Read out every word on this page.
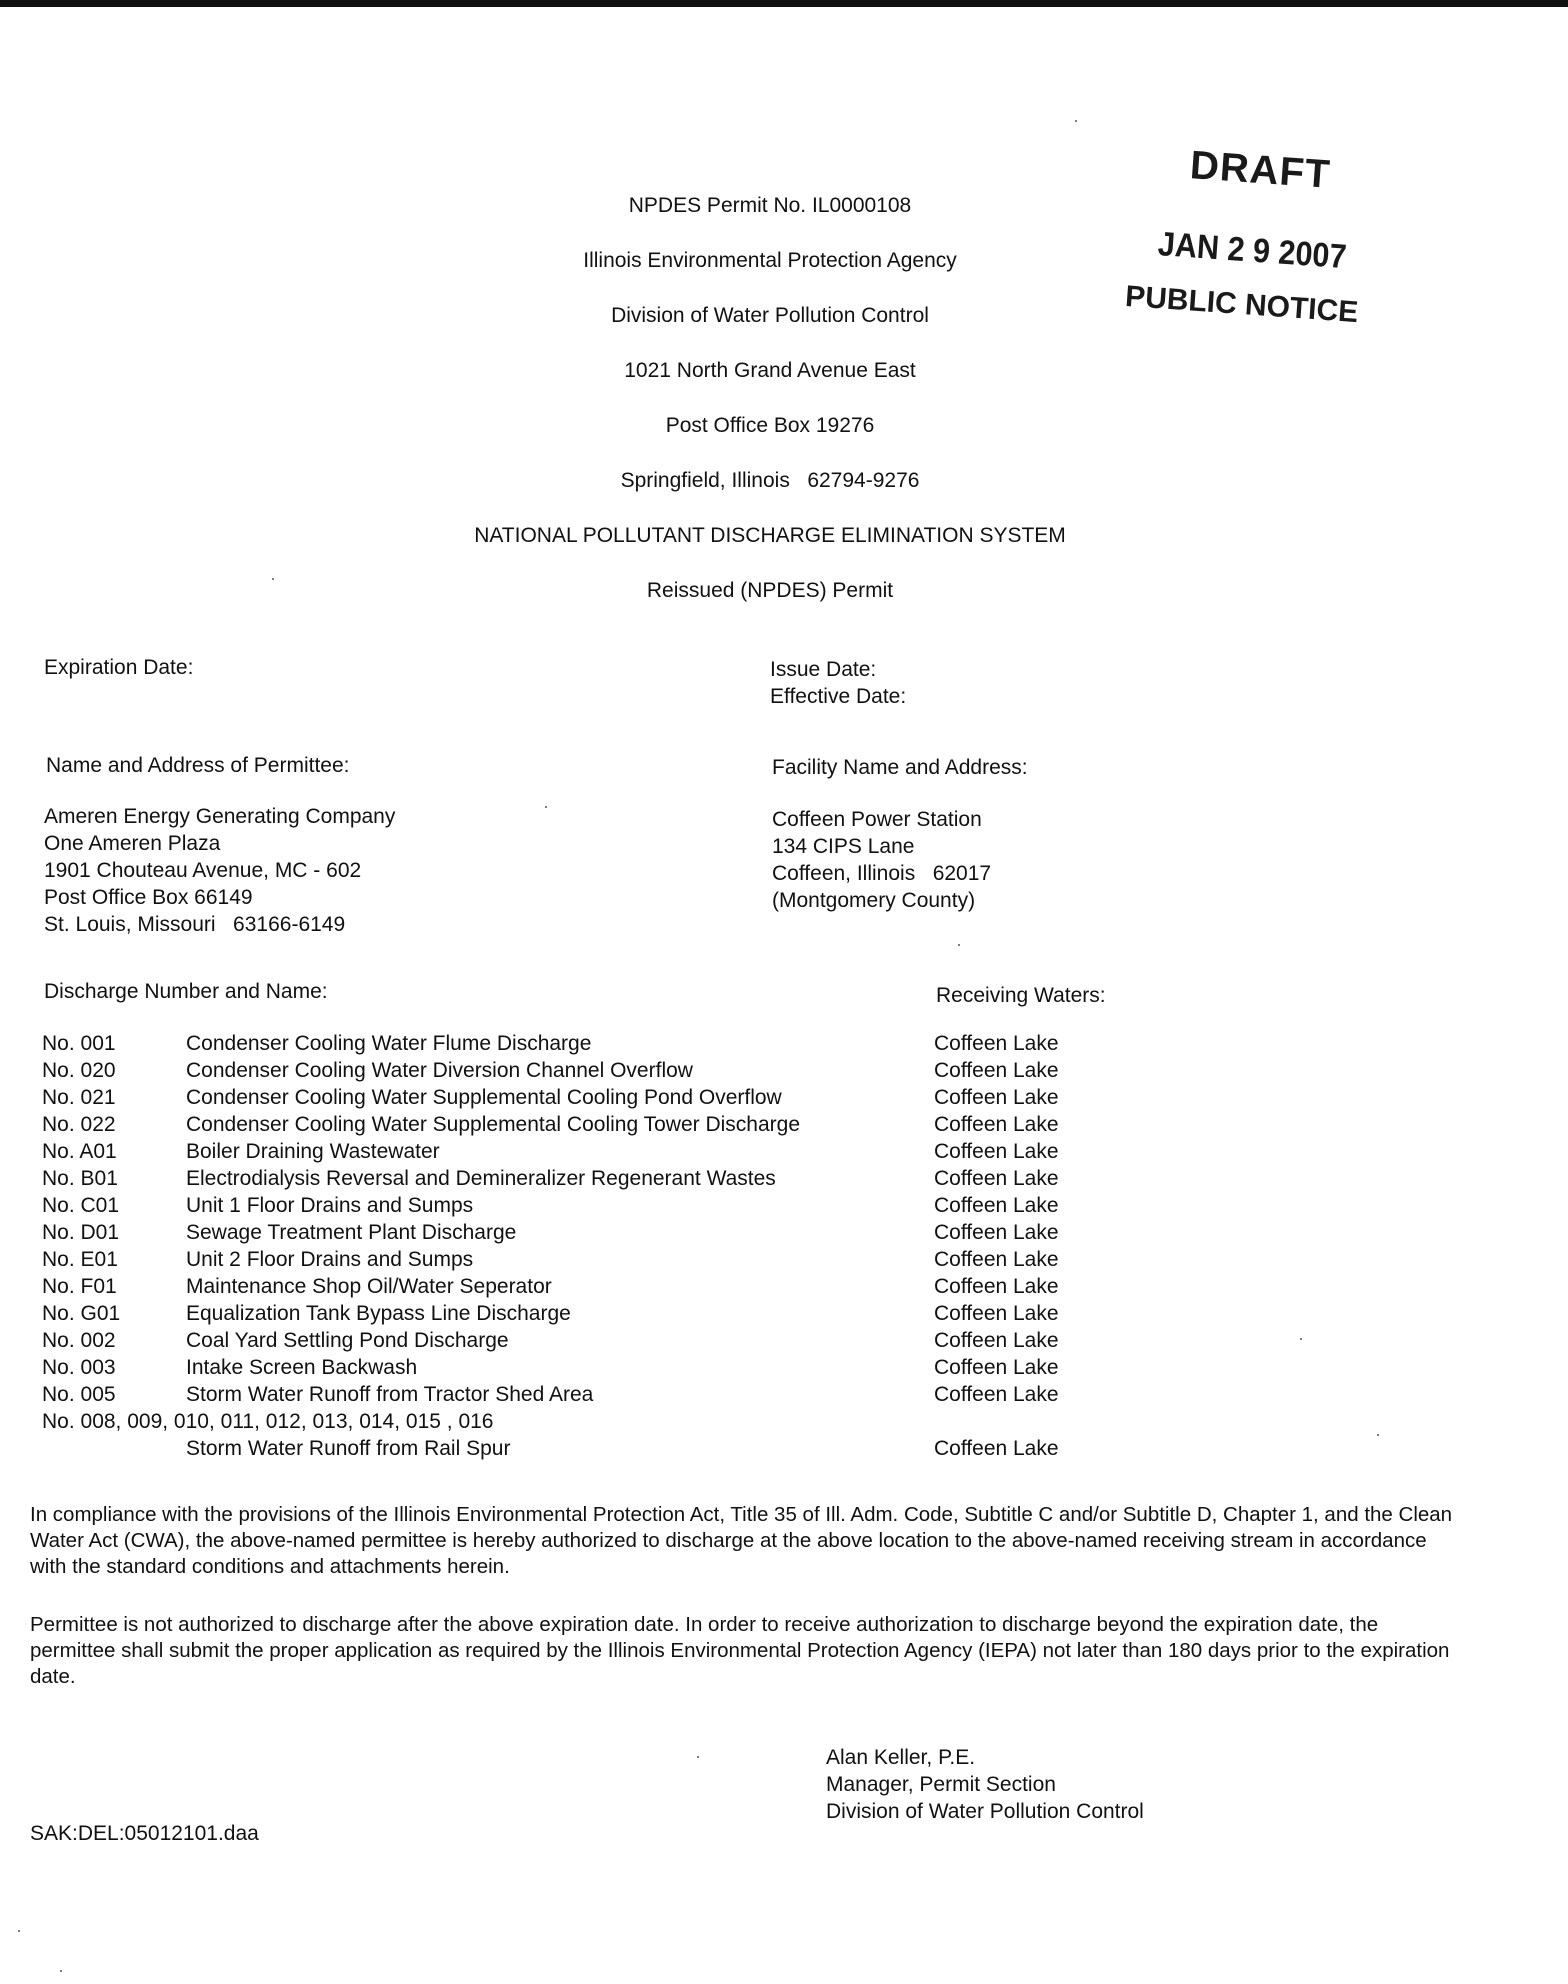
DRAFT
JAN 2 9 2007
PUBLIC NOTICE
NPDES Permit No. IL0000108
Illinois Environmental Protection Agency
Division of Water Pollution Control
1021 North Grand Avenue East
Post Office Box 19276
Springfield, Illinois   62794-9276
NATIONAL POLLUTANT DISCHARGE ELIMINATION SYSTEM
Reissued (NPDES) Permit
Expiration Date:	Issue Date:
Effective Date:
Name and Address of Permittee:
Ameren Energy Generating Company
One Ameren Plaza
1901 Chouteau Avenue, MC - 602
Post Office Box 66149
St. Louis, Missouri   63166-6149
Facility Name and Address:
Coffeen Power Station
134 CIPS Lane
Coffeen, Illinois   62017
(Montgomery County)
Discharge Number and Name:	Receiving Waters:
No. 001	Condenser Cooling Water Flume Discharge	Coffeen Lake
No. 020	Condenser Cooling Water Diversion Channel Overflow	Coffeen Lake
No. 021	Condenser Cooling Water Supplemental Cooling Pond Overflow	Coffeen Lake
No. 022	Condenser Cooling Water Supplemental Cooling Tower Discharge	Coffeen Lake
No. A01	Boiler Draining Wastewater	Coffeen Lake
No. B01	Electrodialysis Reversal and Demineralizer Regenerant Wastes	Coffeen Lake
No. C01	Unit 1 Floor Drains and Sumps	Coffeen Lake
No. D01	Sewage Treatment Plant Discharge	Coffeen Lake
No. E01	Unit 2 Floor Drains and Sumps	Coffeen Lake
No. F01	Maintenance Shop Oil/Water Seperator	Coffeen Lake
No. G01	Equalization Tank Bypass Line Discharge	Coffeen Lake
No. 002	Coal Yard Settling Pond Discharge	Coffeen Lake
No. 003	Intake Screen Backwash	Coffeen Lake
No. 005	Storm Water Runoff from Tractor Shed Area	Coffeen Lake
No. 008, 009, 010, 011, 012, 013, 014, 015 , 016
Storm Water Runoff from Rail Spur	Coffeen Lake
In compliance with the provisions of the Illinois Environmental Protection Act, Title 35 of Ill. Adm. Code, Subtitle C and/or Subtitle D, Chapter 1, and the Clean Water Act (CWA), the above-named permittee is hereby authorized to discharge at the above location to the above-named receiving stream in accordance with the standard conditions and attachments herein.
Permittee is not authorized to discharge after the above expiration date. In order to receive authorization to discharge beyond the expiration date, the permittee shall submit the proper application as required by the Illinois Environmental Protection Agency (IEPA) not later than 180 days prior to the expiration date.
Alan Keller, P.E.
Manager, Permit Section
Division of Water Pollution Control
SAK:DEL:05012101.daa
